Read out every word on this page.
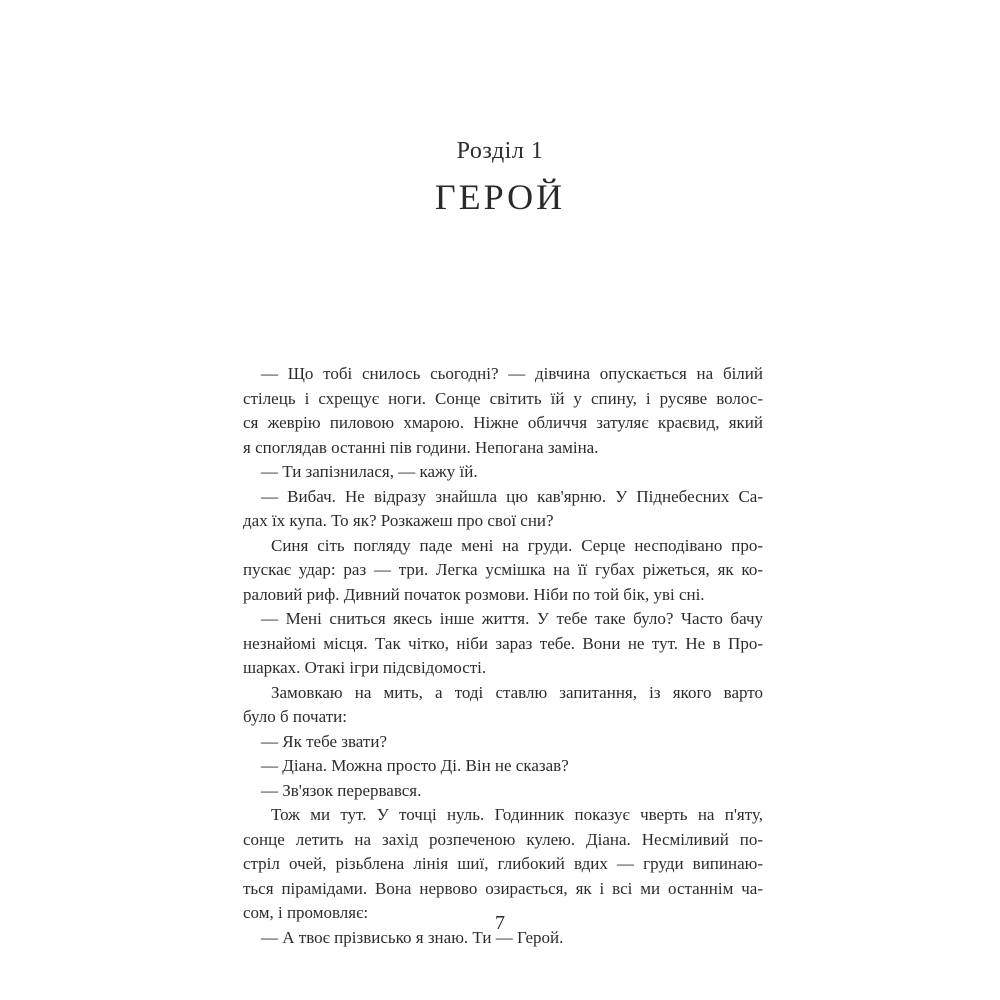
Розділ 1
ГЕРОЙ
— Що тобі снилось сьогодні? — дівчина опускається на білий
стілець і схрещує ноги. Сонце світить їй у спину, і русяве волос-
ся жеврію пиловою хмарою. Ніжне обличчя затуляє краєвид, який
я споглядав останні пів години. Непогана заміна.
— Ти запізнилася, — кажу їй.
— Вибач. Не відразу знайшла цю кав'ярню. У Піднебесних Са-
дах їх купа. То як? Розкажеш про свої сни?
Синя сіть погляду паде мені на груди. Серце несподівано про-
пускає удар: раз — три. Легка усмішка на її губах ріжеться, як ко-
раловий риф. Дивний початок розмови. Ніби по той бік, уві сні.
— Мені сниться якесь інше життя. У тебе таке було? Часто бачу
незнайомі місця. Так чітко, ніби зараз тебе. Вони не тут. Не в Про-
шарках. Отакі ігри підсвідомості.
Замовкаю на мить, а тоді ставлю запитання, із якого варто
було б почати:
— Як тебе звати?
— Діана. Можна просто Ді. Він не сказав?
— Зв'язок перервався.
Тож ми тут. У точці нуль. Годинник показує чверть на п'яту,
сонце летить на захід розпеченою кулею. Діана. Несміливий по-
стріл очей, різьблена лінія шиї, глибокий вдих — груди випинаю-
ться пірамідами. Вона нервово озирається, як і всі ми останнім ча-
сом, і промовляє:
— А твоє прізвисько я знаю. Ти — Герой.
7
